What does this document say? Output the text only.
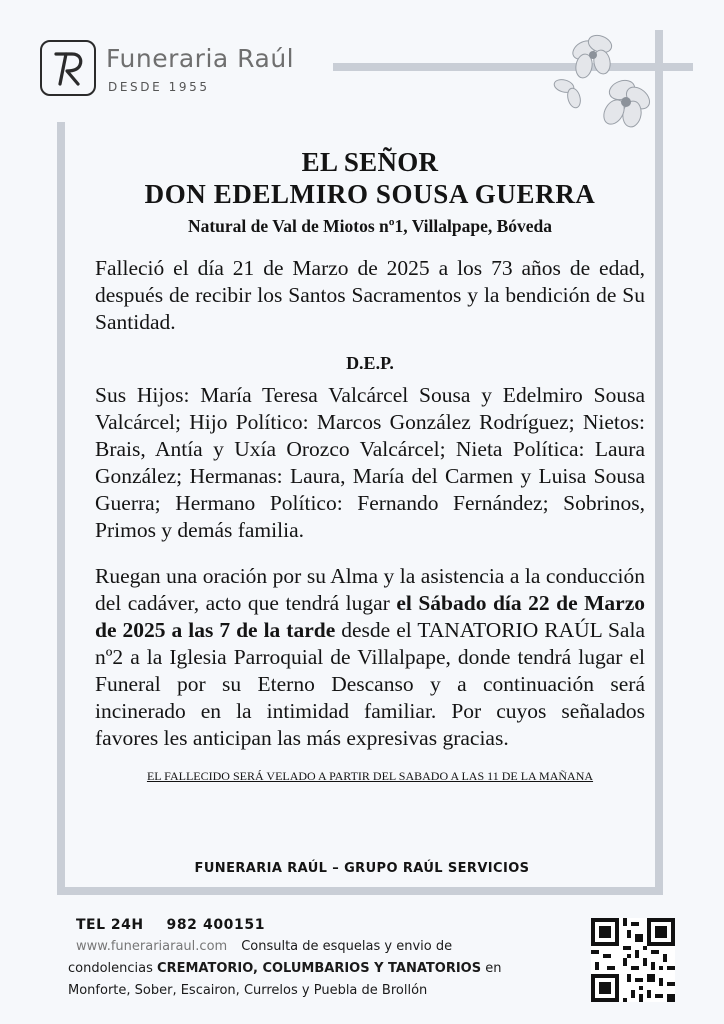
Funeraria Raúl
DESDE 1955
EL SEÑOR
DON EDELMIRO SOUSA GUERRA
Natural de Val de Miotos nº1, Villalpape, Bóveda

Falleció el día 21 de Marzo de 2025 a los 73 años de edad, después de recibir los Santos Sacramentos y la bendición de Su Santidad.

D.E.P.

Sus Hijos: María Teresa Valcárcel Sousa y Edelmiro Sousa Valcárcel; Hijo Político: Marcos González Rodríguez; Nietos: Brais, Antía y Uxía Orozco Valcárcel; Nieta Política: Laura González; Hermanas: Laura, María del Carmen y Luisa Sousa Guerra; Hermano Político: Fernando Fernández; Sobrinos, Primos y demás familia.

Ruegan una oración por su Alma y la asistencia a la conducción del cadáver, acto que tendrá lugar el Sábado día 22 de Marzo de 2025 a las 7 de la tarde desde el TANATORIO RAÚL Sala nº2 a la Iglesia Parroquial de Villalpape, donde tendrá lugar el Funeral por su Eterno Descanso y a continuación será incinerado en la intimidad familiar. Por cuyos señalados favores les anticipan las más expresivas gracias.

EL FALLECIDO SERÁ VELADO A PARTIR DEL SABADO A LAS 11 DE LA MAÑANA
FUNERARIA RAÚL – GRUPO RAÚL SERVICIOS
TEL 24H 982 400151
www.funerariaraul.com Consulta de esquelas y envio de
condolencias CREMATORIO, COLUMBARIOS Y TANATORIOS en
Monforte, Sober, Escairon, Currelos y Puebla de Brollón
